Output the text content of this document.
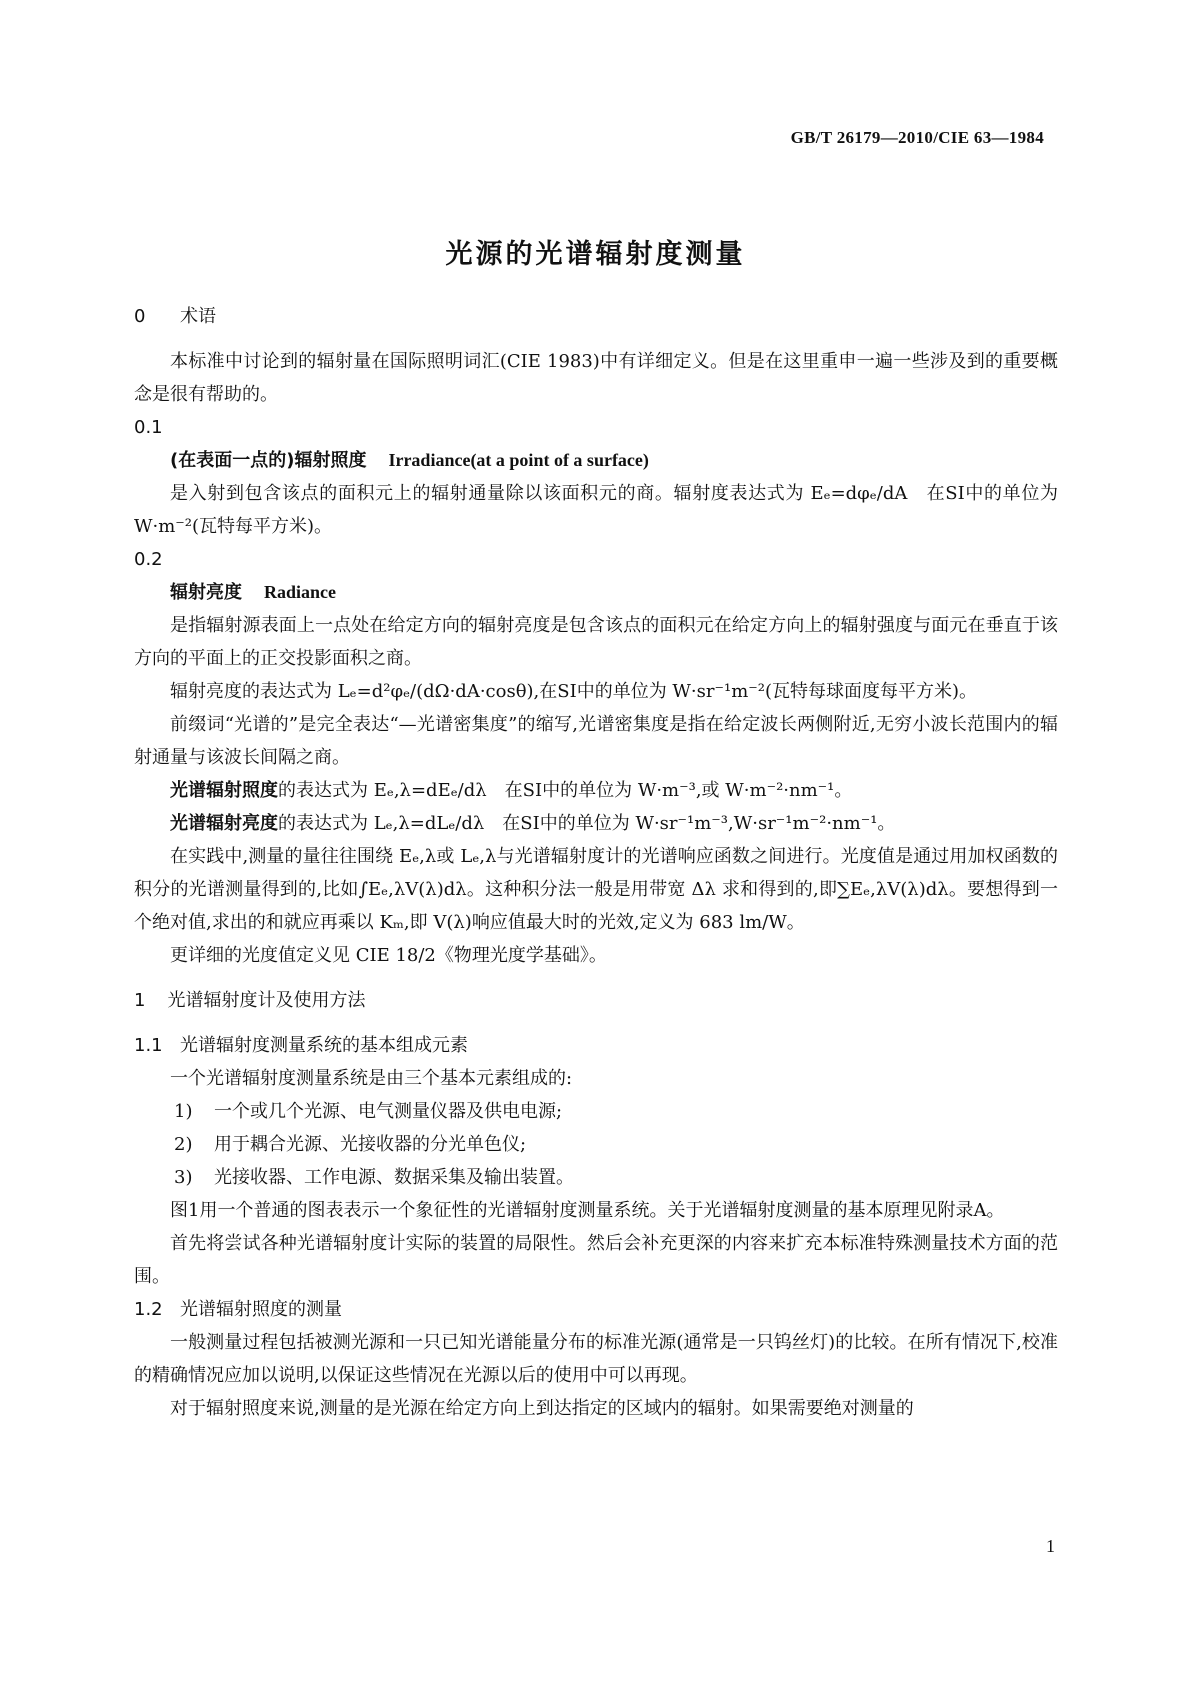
GB/T 26179—2010/CIE 63—1984
光源的光谱辐射度测量

0 术语

本标准中讨论到的辐射量在国际照明词汇(CIE 1983)中有详细定义。但是在这里重申一遍一些涉及到的重要概念是很有帮助的。

0.1

(在表面一点的)辐射照度 Irradiance(at a point of a surface)

是入射到包含该点的面积元上的辐射通量除以该面积元的商。辐射度表达式为 Eₑ=dφₑ/dA　在SI中的单位为 W·m⁻²(瓦特每平方米)。

0.2

辐射亮度 Radiance

是指辐射源表面上一点处在给定方向的辐射亮度是包含该点的面积元在给定方向上的辐射强度与面元在垂直于该方向的平面上的正交投影面积之商。

辐射亮度的表达式为 Lₑ=d²φₑ/(dΩ·dA·cosθ),在SI中的单位为 W·sr⁻¹m⁻²(瓦特每球面度每平方米)。

前缀词“光谱的”是完全表达“—光谱密集度”的缩写,光谱密集度是指在给定波长两侧附近,无穷小波长范围内的辐射通量与该波长间隔之商。

光谱辐射照度的表达式为 Eₑ,λ=dEₑ/dλ　在SI中的单位为 W·m⁻³,或 W·m⁻²·nm⁻¹。

光谱辐射亮度的表达式为 Lₑ,λ=dLₑ/dλ　在SI中的单位为 W·sr⁻¹m⁻³,W·sr⁻¹m⁻²·nm⁻¹。

在实践中,测量的量往往围绕 Eₑ,λ或 Lₑ,λ与光谱辐射度计的光谱响应函数之间进行。光度值是通过用加权函数的积分的光谱测量得到的,比如∫Eₑ,λV(λ)dλ。这种积分法一般是用带宽 Δλ 求和得到的,即∑Eₑ,λV(λ)dλ。要想得到一个绝对值,求出的和就应再乘以 Kₘ,即 V(λ)响应值最大时的光效,定义为 683 lm/W。

更详细的光度值定义见 CIE 18/2《物理光度学基础》。

1 光谱辐射度计及使用方法

1.1 光谱辐射度测量系统的基本组成元素

一个光谱辐射度测量系统是由三个基本元素组成的:

1) 一个或几个光源、电气测量仪器及供电电源;
2) 用于耦合光源、光接收器的分光单色仪;
3) 光接收器、工作电源、数据采集及输出装置。

图1用一个普通的图表表示一个象征性的光谱辐射度测量系统。关于光谱辐射度测量的基本原理见附录A。

首先将尝试各种光谱辐射度计实际的装置的局限性。然后会补充更深的内容来扩充本标准特殊测量技术方面的范围。

1.2 光谱辐射照度的测量

一般测量过程包括被测光源和一只已知光谱能量分布的标准光源(通常是一只钨丝灯)的比较。在所有情况下,校准的精确情况应加以说明,以保证这些情况在光源以后的使用中可以再现。

对于辐射照度来说,测量的是光源在给定方向上到达指定的区域内的辐射。如果需要绝对测量的

1
